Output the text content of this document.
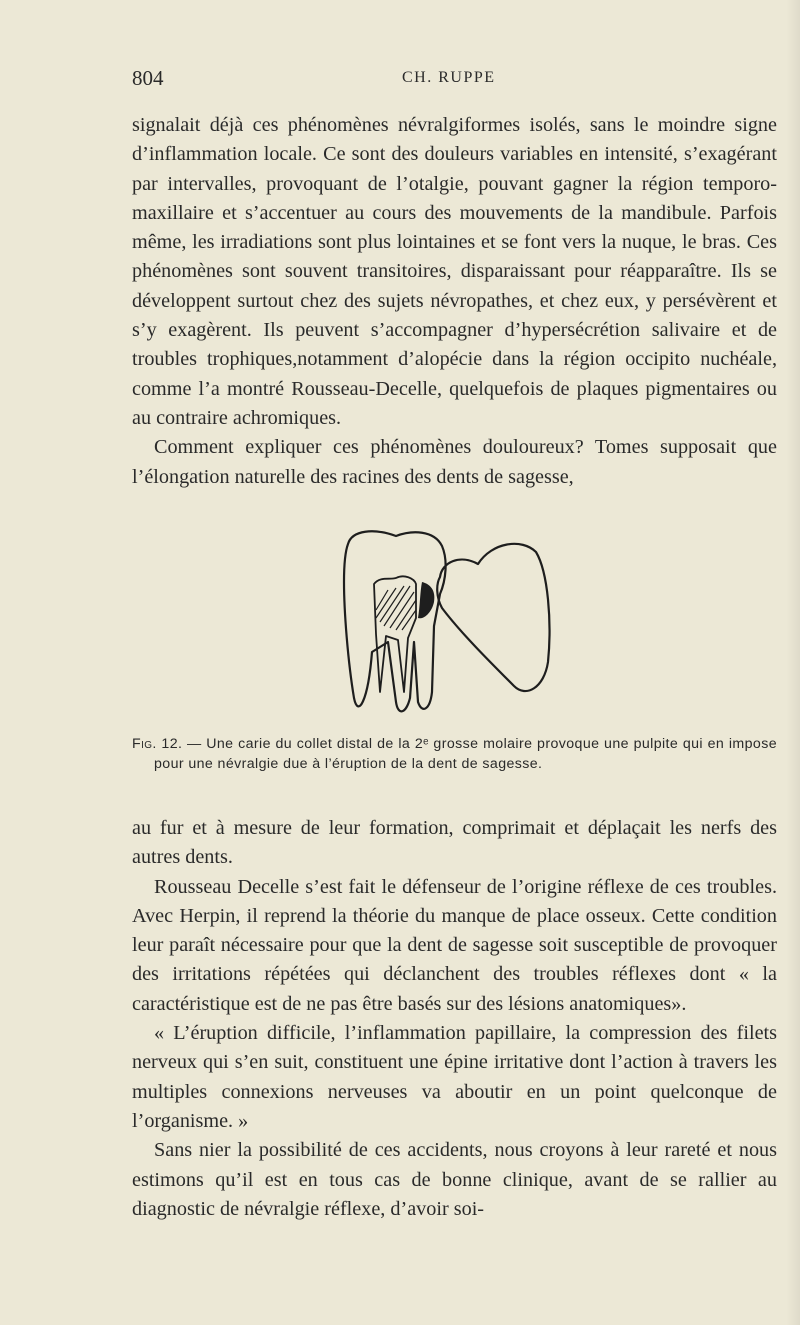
804	CH. RUPPE

signalait déjà ces phénomènes névralgiformes isolés, sans le moindre signe d’inflammation locale. Ce sont des douleurs variables en intensité, s’exagérant par intervalles, provoquant de l’otalgie, pouvant gagner la région temporo-maxillaire et s’accentuer au cours des mouvements de la mandibule. Parfois même, les irradiations sont plus lointaines et se font vers la nuque, le bras. Ces phénomènes sont souvent transitoires, disparaissant pour réapparaître. Ils se développent surtout chez des sujets névropathes, et chez eux, y persévèrent et s’y exagèrent. Ils peuvent s’accompagner d’hypersécrétion salivaire et de troubles trophiques,notamment d’alopécie dans la région occipito nuchéale, comme l’a montré Rousseau-Decelle, quelquefois de plaques pigmentaires ou au contraire achromiques.

Comment expliquer ces phénomènes douloureux? Tomes supposait que l’élongation naturelle des racines des dents de sagesse,

Fig. 12. — Une carie du collet distal de la 2ᵉ grosse molaire provoque une pulpite qui en impose pour une névralgie due à l’éruption de la dent de sagesse.

au fur et à mesure de leur formation, comprimait et déplaçait les nerfs des autres dents.

Rousseau Decelle s’est fait le défenseur de l’origine réflexe de ces troubles. Avec Herpin, il reprend la théorie du manque de place osseux. Cette condition leur paraît nécessaire pour que la dent de sagesse soit susceptible de provoquer des irritations répétées qui déclanchent des troubles réflexes dont « la caractéristique est de ne pas être basés sur des lésions anatomiques».

« L’éruption difficile, l’inflammation papillaire, la compression des filets nerveux qui s’en suit, constituent une épine irritative dont l’action à travers les multiples connexions nerveuses va aboutir en un point quelconque de l’organisme. »

Sans nier la possibilité de ces accidents, nous croyons à leur rareté et nous estimons qu’il est en tous cas de bonne clinique, avant de se rallier au diagnostic de névralgie réflexe, d’avoir soi-
